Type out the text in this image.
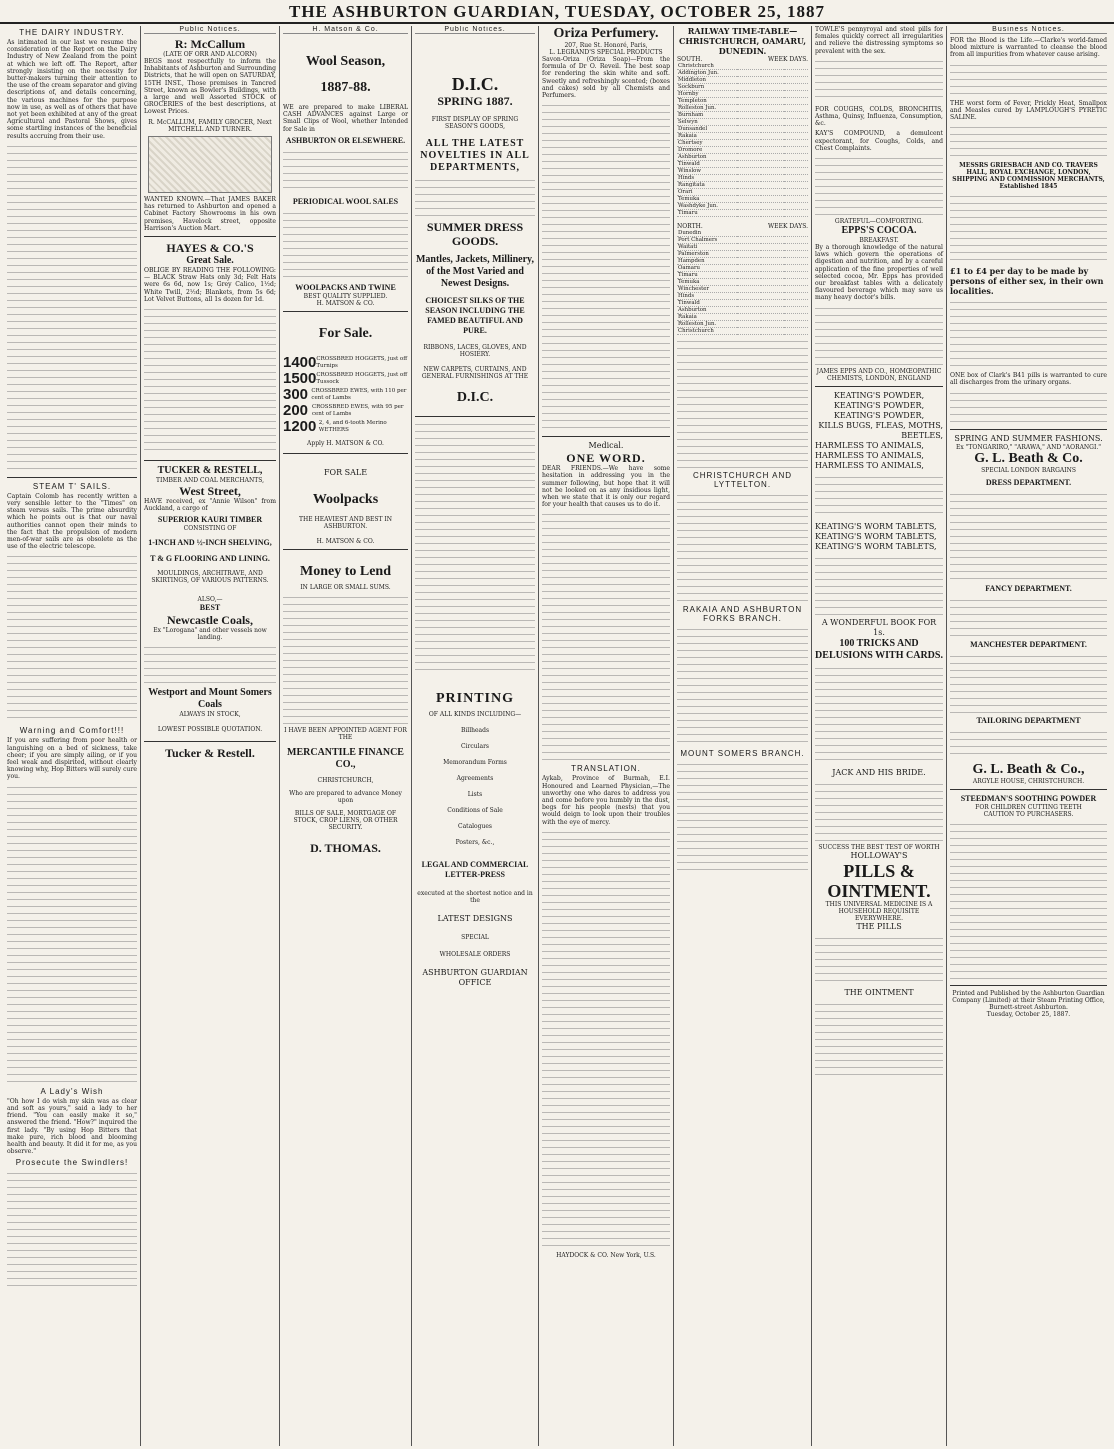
THE ASHBURTON GUARDIAN, TUESDAY, OCTOBER 25, 1887
THE DAIRY INDUSTRY.

As intimated in our last we resume the consideration of the Report on the Dairy Industry of New Zealand from the point at which we left off. The Report, after strongly insisting on the necessity for butter-makers turning their attention to the use of the cream separator and giving descriptions of, and details concerning, the various machines for the purpose now in use, as well as of others that have not yet been exhibited at any of the great Agricultural and Pastoral Shows, gives some startling instances of the beneficial results accruing from their use.

STEAM T' SAILS.

Captain Colomb has recently written a very sensible letter to the "Times" on steam versus sails. The prime absurdity which he points out is that our naval authorities cannot open their minds to the fact that the propulsion of modern men-of-war sails are as obsolete as the use of the electric telescope.

Warning and Comfort!!!

If you are suffering from poor health or languishing on a bed of sickness, take cheer; if you are simply ailing, or if you feel weak and dispirited, without clearly knowing why, Hop Bitters will surely cure you.

A Lady's Wish

"Oh how I do wish my skin was as clear and soft as yours," said a lady to her friend. "You can easily make it so," answered the friend. "How?" inquired the first lady. "By using Hop Bitters that make pure, rich blood and blooming health and beauty. It did it for me, as you observe."

Prosecute the Swindlers!
Public Notices.
R: McCallum
(LATE OF ORR AND ALCORN)

BEGS most respectfully to inform the Inhabitants of Ashburton and Surrounding Districts, that he will open on SATURDAY, 15TH INST., Those premises in Tancred Street, known as Bowler's Buildings, with a large and well Assorted STOCK of GROCERIES of the best descriptions, at Lowest Prices.

R. McCALLUM, FAMILY GROCER, Next MITCHELL AND TURNER.

WANTED KNOWN.—That JAMES BAKER has returned to Ashburton and opened a Cabinet Factory Showrooms in his own premises, Havelock street, opposite Harrison's Auction Mart.

HAYES & CO.'S
Great Sale.

OBLIGE BY READING THE FOLLOWING:— BLACK Straw Hats only 3d; Felt Hats were 6s 6d, now 1s; Grey Calico, 1½d; White Twill, 2½d; Blankets, from 5s 6d; Lot Velvet Buttons, all 1s dozen for 1d.

TUCKER & RESTELL,
TIMBER AND COAL MERCHANTS,
West Street,

HAVE received, ex "Annie Wilson" from Auckland, a cargo of

SUPERIOR KAURI TIMBER
CONSISTING OF
1-INCH AND ½-INCH SHELVING,
T & G FLOORING AND LINING.
MOULDINGS, ARCHITRAVE, AND SKIRTINGS, OF VARIOUS PATTERNS.
ALSO,—
BEST
Newcastle Coals,
Ex "Lorogana" and other vessels now landing.
Westport and Mount Somers Coals
ALWAYS IN STOCK,
LOWEST POSSIBLE QUOTATION.
Tucker & Restell.
H. Matson & Co.
Wool Season,
1887-88.

WE are prepared to make LIBERAL CASH ADVANCES against Large or Small Clips of Wool, whether Intended for Sale in

ASHBURTON OR ELSEWHERE.
PERIODICAL WOOL SALES
WOOLPACKS AND TWINE
BEST QUALITY SUPPLIED.
H. MATSON & CO.
For Sale.
1400 CROSSBRED HOGGETS, just off Turnips
1500 CROSSBRED HOGGETS, just off Tussock
300 CROSSBRED EWES, with 110 per cent of Lambs
200 CROSSBRED EWES, with 95 per cent of Lambs
1200 2, 4, and 6-tooth Merino WETHERS
Apply H. MATSON & CO.
FOR SALE
Woolpacks
THE HEAVIEST AND BEST IN ASHBURTON.
H. MATSON & CO.
Money to Lend
IN LARGE OR SMALL SUMS.
I HAVE BEEN APPOINTED AGENT FOR THE
MERCANTILE FINANCE CO.,
CHRISTCHURCH,
Who are prepared to advance Money upon
BILLS OF SALE, MORTGAGE OF STOCK, CROP LIENS, OR OTHER SECURITY.
D. THOMAS.
Public Notices.
D.I.C.
SPRING 1887.
FIRST DISPLAY OF SPRING SEASON'S GOODS,
ALL THE LATEST NOVELTIES IN ALL DEPARTMENTS,
SUMMER DRESS GOODS.
Mantles, Jackets, Millinery, of the Most Varied and Newest Designs.
CHOICEST SILKS OF THE SEASON INCLUDING THE FAMED BEAUTIFUL AND PURE.
RIBBONS, LACES, GLOVES, AND HOSIERY.
NEW CARPETS, CURTAINS, AND GENERAL FURNISHINGS AT THE
D.I.C.
PRINTING
OF ALL KINDS INCLUDING—
Billheads
Circulars
Memorandum Forms
Agreements
Lists
Conditions of Sale
Catalogues
Posters, &c.,
LEGAL AND COMMERCIAL LETTER-PRESS
executed at the shortest notice and in the
LATEST DESIGNS
SPECIAL
WHOLESALE ORDERS
ASHBURTON GUARDIAN OFFICE
Oriza Perfumery.
207, Rue St. Honoré, Paris,
L. LEGRAND'S SPECIAL PRODUCTS

Savon-Oriza (Oriza Soap)—From the formula of Dr O. Reveil. The best soap for rendering the skin white and soft. Sweetly and refreshingly scented; (boxes and cakes) sold by all Chemists and Perfumers.

Medical.
ONE WORD.

DEAR FRIENDS.—We have some hesitation in addressing you in the summer following, but hope that it will not be looked on as any insidious light, when we state that it is only our regard for your health that causes us to do it.

TRANSLATION.

Aykab, Province of Burmah, E.I. Honoured and Learned Physician,—The unworthy one who dares to address you and come before you humbly in the dust, begs for his people (nests) that you would deign to look upon their troubles with the eye of mercy.

HAYDOCK & CO. New York, U.S.
RAILWAY TIME-TABLE—CHRISTCHURCH, OAMARU, DUNEDIN.
SOUTH.	WEEK DAYS.
Christchurch			
Addington Jun.			
Middleton			
Sockburn			
Hornby			
Templeton			
Rolleston Jun.			
Burnham			
Selwyn			
Dunsandel			
Rakaia			
Chertsey			
Dromore			
Ashburton			
Tinwald			
Winslow			
Hinds			
Rangitata			
Orari			
Temuka			
Washdyke Jun.			
Timaru			
NORTH.	WEEK DAYS.
Dunedin			
Port Chalmers			
Waitati			
Palmerston			
Hampden			
Oamaru			
Timaru			
Temuka			
Winchester			
Hinds			
Tinwald			
Ashburton			
Rakaia			
Rolleston Jun.			
Christchurch			
CHRISTCHURCH AND LYTTELTON.
RAKAIA AND ASHBURTON FORKS BRANCH.
MOUNT SOMERS BRANCH.

TOWLE'S pennyroyal and steel pills for females quickly correct all irregularities and relieve the distressing symptoms so prevalent with the sex.

FOR COUGHS, COLDS, BRONCHITIS, Asthma, Quinsy, Influenza, Consumption, &c.

KAY'S COMPOUND, a demulcent expectorant, for Coughs, Colds, and Chest Complaints.

GRATEFUL—COMFORTING.
EPPS'S COCOA.
BREAKFAST.

By a thorough knowledge of the natural laws which govern the operations of digestion and nutrition, and by a careful application of the fine properties of well selected cocoa, Mr. Epps has provided our breakfast tables with a delicately flavoured beverage which may save us many heavy doctor's bills.

JAMES EPPS AND CO., HOMŒOPATHIC CHEMISTS, LONDON, ENGLAND
KEATING'S POWDER,
KEATING'S POWDER,
KEATING'S POWDER,
KILLS BUGS, FLEAS, MOTHS, BEETLES,
HARMLESS TO ANIMALS,
HARMLESS TO ANIMALS,
HARMLESS TO ANIMALS,
KEATING'S WORM TABLETS,
KEATING'S WORM TABLETS,
KEATING'S WORM TABLETS,
A WONDERFUL BOOK FOR 1s.
100 TRICKS AND DELUSIONS WITH CARDS.
JACK AND HIS BRIDE.
SUCCESS THE BEST TEST OF WORTH
HOLLOWAY'S
PILLS & OINTMENT.
THIS UNIVERSAL MEDICINE IS A HOUSEHOLD REQUISITE EVERYWHERE.
THE PILLS
THE OINTMENT
Business Notices.

FOR the Blood is the Life.—Clarke's world-famed blood mixture is warranted to cleanse the blood from all impurities from whatever cause arising.

THE worst form of Fever, Prickly Heat, Smallpox and Measles cured by LAMPLOUGH'S PYRETIC SALINE.

MESSRS GRIESBACH AND CO. TRAVERS HALL, ROYAL EXCHANGE, LONDON, SHIPPING AND COMMISSION MERCHANTS, Established 1845
£1 to £4 per day to be made by persons of either sex, in their own localities.

ONE box of Clark's B41 pills is warranted to cure all discharges from the urinary organs.

SPRING AND SUMMER FASHIONS.
Ex "TONGARIRO," "ARAWA," AND "AORANGI."
G. L. Beath & Co.
SPECIAL LONDON BARGAINS
DRESS DEPARTMENT.
FANCY DEPARTMENT.
MANCHESTER DEPARTMENT.
TAILORING DEPARTMENT
G. L. Beath & Co.,
ARGYLE HOUSE, CHRISTCHURCH.
STEEDMAN'S SOOTHING POWDER
FOR CHILDREN CUTTING TEETH
CAUTION TO PURCHASERS.
Printed and Published by the Ashburton Guardian Company (Limited) at their Steam Printing Office, Burnett-street Ashburton.
Tuesday, October 25, 1887.
